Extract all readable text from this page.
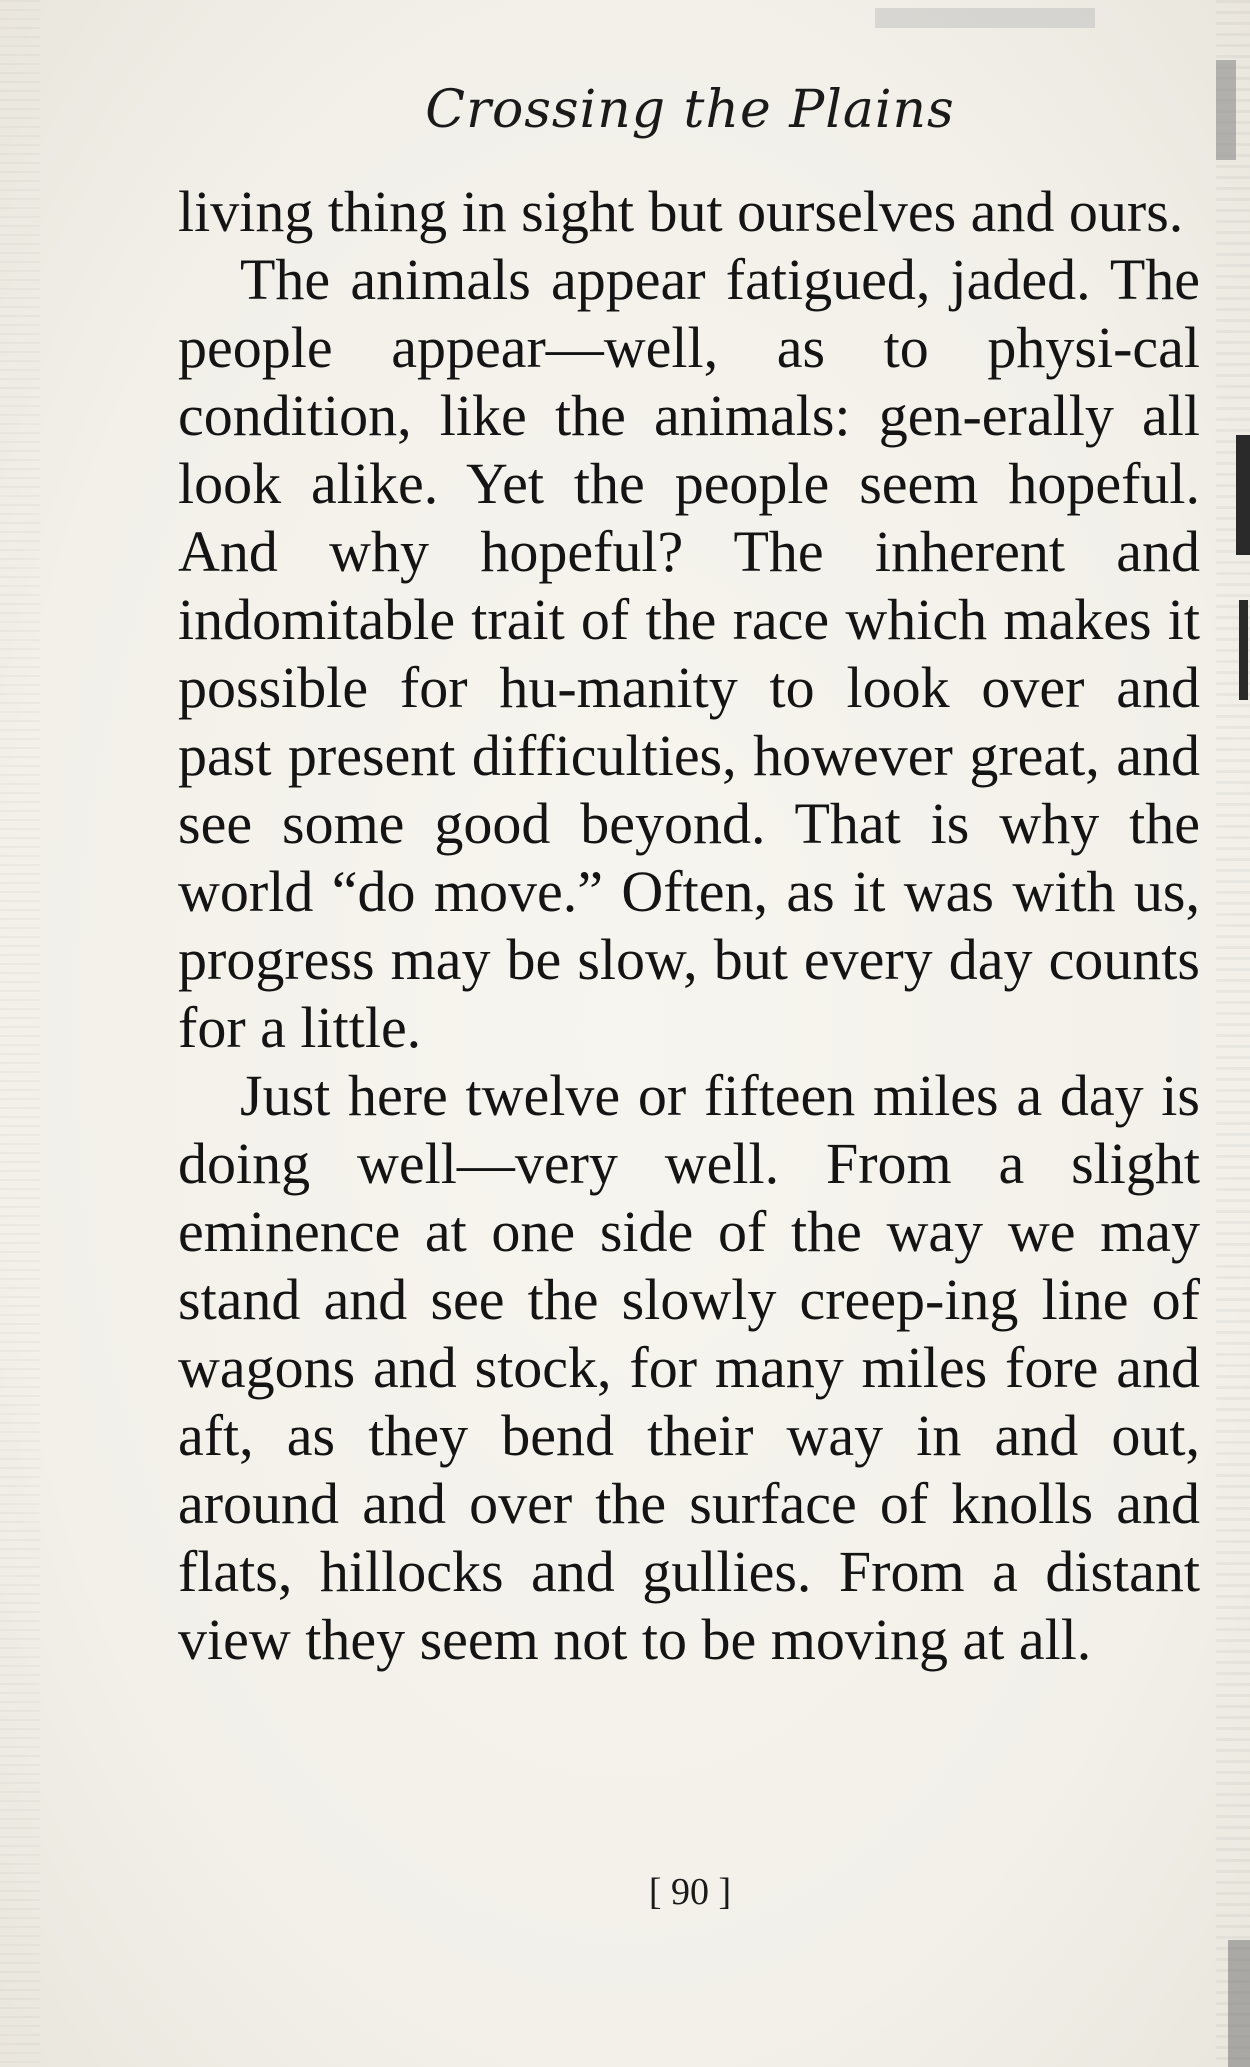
Crossing the Plains

living thing in sight but ourselves and ours.

The animals appear fatigued, jaded. The people appear—well, as to physi-cal condition, like the animals: gen-erally all look alike. Yet the people seem hopeful. And why hopeful? The inherent and indomitable trait of the race which makes it possible for hu-manity to look over and past present difficulties, however great, and see some good beyond. That is why the world “do move.” Often, as it was with us, progress may be slow, but every day counts for a little.

Just here twelve or fifteen miles a day is doing well—very well. From a slight eminence at one side of the way we may stand and see the slowly creep-ing line of wagons and stock, for many miles fore and aft, as they bend their way in and out, around and over the surface of knolls and flats, hillocks and gullies. From a distant view they seem not to be moving at all.

[ 90 ]
